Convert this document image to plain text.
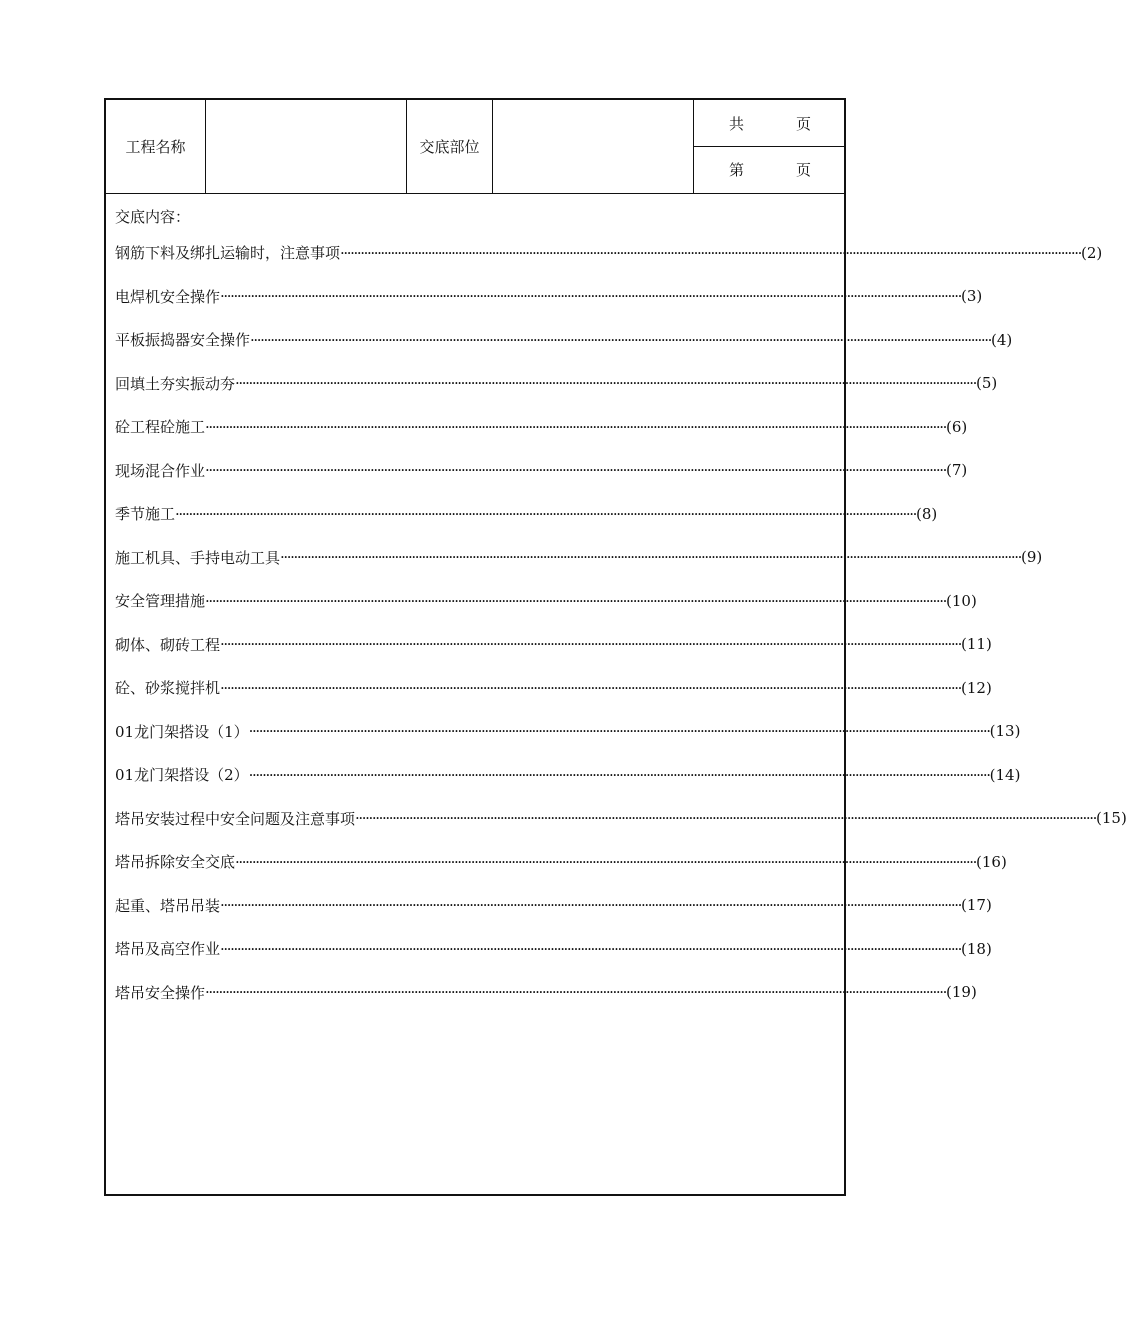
工程名称	交底部位
共	页
第	页
交底内容：
钢筋下料及绑扎运输时，注意事项 ···························································································································································································································· (2)
电焊机安全操作 ···························································································································································································································· (3)
平板振捣器安全操作 ···························································································································································································································· (4)
回填土夯实振动夯 ···························································································································································································································· (5)
砼工程砼施工 ···························································································································································································································· (6)
现场混合作业 ···························································································································································································································· (7)
季节施工 ···························································································································································································································· (8)
施工机具、手持电动工具 ···························································································································································································································· (9)
安全管理措施 ···························································································································································································································· (10)
砌体、砌砖工程 ···························································································································································································································· (11)
砼、砂浆搅拌机 ···························································································································································································································· (12)
01龙门架搭设（1） ···························································································································································································································· (13)
01龙门架搭设（2） ···························································································································································································································· (14)
塔吊安装过程中安全问题及注意事项 ···························································································································································································································· (15)
塔吊拆除安全交底 ···························································································································································································································· (16)
起重、塔吊吊装 ···························································································································································································································· (17)
塔吊及高空作业 ···························································································································································································································· (18)
塔吊安全操作 ···························································································································································································································· (19)
